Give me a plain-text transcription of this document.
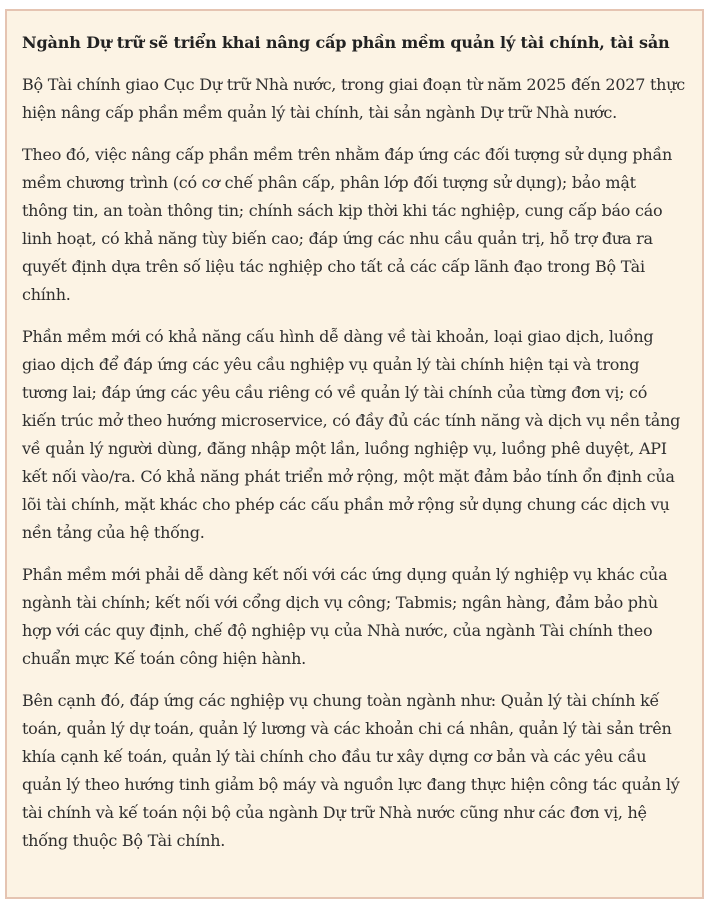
Ngành Dự trữ sẽ triển khai nâng cấp phần mềm quản lý tài chính, tài sản

Bộ Tài chính giao Cục Dự trữ Nhà nước, trong giai đoạn từ năm 2025 đến 2027 thực hiện nâng cấp phần mềm quản lý tài chính, tài sản ngành Dự trữ Nhà nước.

Theo đó, việc nâng cấp phần mềm trên nhằm đáp ứng các đối tượng sử dụng phần mềm chương trình (có cơ chế phân cấp, phân lớp đối tượng sử dụng); bảo mật thông tin, an toàn thông tin; chính sách kịp thời khi tác nghiệp, cung cấp báo cáo linh hoạt, có khả năng tùy biến cao; đáp ứng các nhu cầu quản trị, hỗ trợ đưa ra quyết định dựa trên số liệu tác nghiệp cho tất cả các cấp lãnh đạo trong Bộ Tài chính.

Phần mềm mới có khả năng cấu hình dễ dàng về tài khoản, loại giao dịch, luồng giao dịch để đáp ứng các yêu cầu nghiệp vụ quản lý tài chính hiện tại và trong tương lai; đáp ứng các yêu cầu riêng có về quản lý tài chính của từng đơn vị; có kiến trúc mở theo hướng microservice, có đầy đủ các tính năng và dịch vụ nền tảng về quản lý người dùng, đăng nhập một lần, luồng nghiệp vụ, luồng phê duyệt, API kết nối vào/ra. Có khả năng phát triển mở rộng, một mặt đảm bảo tính ổn định của lõi tài chính, mặt khác cho phép các cấu phần mở rộng sử dụng chung các dịch vụ nền tảng của hệ thống.

Phần mềm mới phải dễ dàng kết nối với các ứng dụng quản lý nghiệp vụ khác của ngành tài chính; kết nối với cổng dịch vụ công; Tabmis; ngân hàng, đảm bảo phù hợp với các quy định, chế độ nghiệp vụ của Nhà nước, của ngành Tài chính theo chuẩn mực Kế toán công hiện hành.

Bên cạnh đó, đáp ứng các nghiệp vụ chung toàn ngành như: Quản lý tài chính kế toán, quản lý dự toán, quản lý lương và các khoản chi cá nhân, quản lý tài sản trên khía cạnh kế toán, quản lý tài chính cho đầu tư xây dựng cơ bản và các yêu cầu quản lý theo hướng tinh giảm bộ máy và nguồn lực đang thực hiện công tác quản lý tài chính và kế toán nội bộ của ngành Dự trữ Nhà nước cũng như các đơn vị, hệ thống thuộc Bộ Tài chính.
